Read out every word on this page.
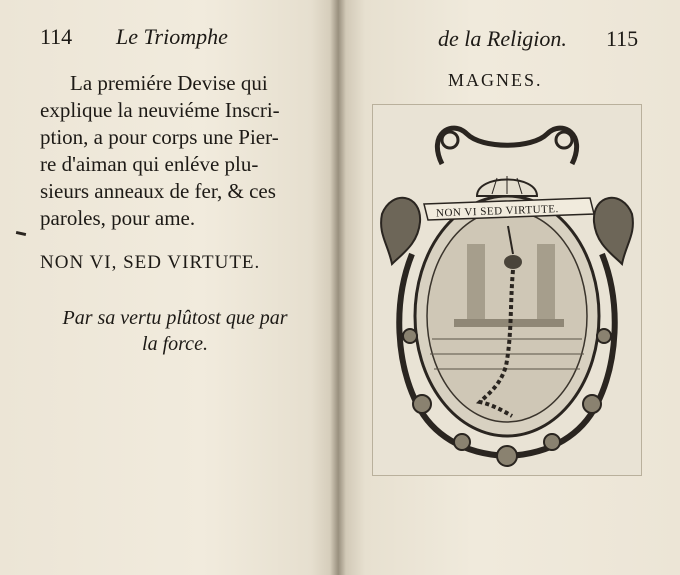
114 Le Triomphe
La premiére Devise qui
explique la neuviéme Inscri-
ption, a pour corps une Pier-
re d'aiman qui enléve plu-
sieurs anneaux de fer, & ces
paroles, pour ame.
NON VI, SED VIRTUTE.
Par sa vertu plûtost que par
la force.
de la Religion. 115
MAGNES.
NON VI SED VIRTUTE.
